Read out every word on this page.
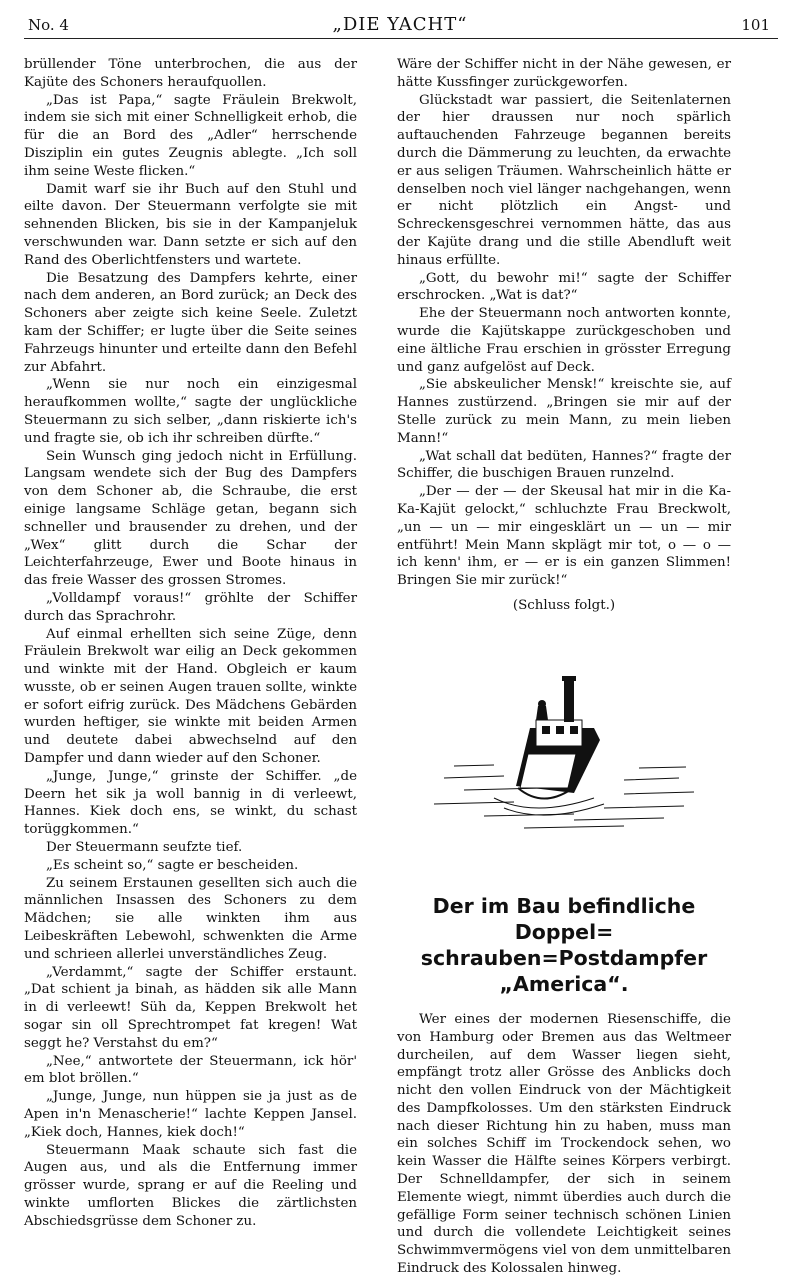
No. 4	„DIE YACHT“	101

brüllender Töne unterbrochen, die aus der Kajüte des Schoners heraufquollen.

„Das ist Papa,“ sagte Fräulein Brekwolt, indem sie sich mit einer Schnelligkeit erhob, die für die an Bord des „Adler“ herrschende Disziplin ein gutes Zeugnis ablegte. „Ich soll ihm seine Weste flicken.“

Damit warf sie ihr Buch auf den Stuhl und eilte davon. Der Steuermann verfolgte sie mit sehnenden Blicken, bis sie in der Kampanjeluk verschwunden war. Dann setzte er sich auf den Rand des Oberlichtfensters und wartete.

Die Besatzung des Dampfers kehrte, einer nach dem anderen, an Bord zurück; an Deck des Schoners aber zeigte sich keine Seele. Zuletzt kam der Schiffer; er lugte über die Seite seines Fahrzeugs hinunter und erteilte dann den Befehl zur Abfahrt.

„Wenn sie nur noch ein einzigesmal heraufkommen wollte,“ sagte der unglückliche Steuermann zu sich selber, „dann riskierte ich's und fragte sie, ob ich ihr schreiben dürfte.“

Sein Wunsch ging jedoch nicht in Erfüllung. Langsam wendete sich der Bug des Dampfers von dem Schoner ab, die Schraube, die erst einige langsame Schläge getan, begann sich schneller und brausender zu drehen, und der „Wex“ glitt durch die Schar der Leichterfahrzeuge, Ewer und Boote hinaus in das freie Wasser des grossen Stromes.

„Volldampf voraus!“ gröhlte der Schiffer durch das Sprachrohr.

Auf einmal erhellten sich seine Züge, denn Fräulein Brekwolt war eilig an Deck gekommen und winkte mit der Hand. Obgleich er kaum wusste, ob er seinen Augen trauen sollte, winkte er sofort eifrig zurück. Des Mädchens Gebärden wurden heftiger, sie winkte mit beiden Armen und deutete dabei abwechselnd auf den Dampfer und dann wieder auf den Schoner.

„Junge, Junge,“ grinste der Schiffer. „de Deern het sik ja woll bannig in di verleewt, Hannes. Kiek doch ens, se winkt, du schast torüggkommen.“

Der Steuermann seufzte tief.

„Es scheint so,“ sagte er bescheiden.

Zu seinem Erstaunen gesellten sich auch die männlichen Insassen des Schoners zu dem Mädchen; sie alle winkten ihm aus Leibeskräften Lebewohl, schwenkten die Arme und schrieen allerlei unverständliches Zeug.

„Verdammt,“ sagte der Schiffer erstaunt. „Dat schient ja binah, as hädden sik alle Mann in di verleewt! Süh da, Keppen Brekwolt het sogar sin oll Sprechtrompet fat kregen! Wat seggt he? Verstahst du em?“

„Nee,“ antwortete der Steuermann, ick hör' em blot bröllen.“

„Junge, Junge, nun hüppen sie ja just as de Apen in'n Menascherie!“ lachte Keppen Jansel. „Kiek doch, Hannes, kiek doch!“

Steuermann Maak schaute sich fast die Augen aus, und als die Entfernung immer grösser wurde, sprang er auf die Reeling und winkte umflorten Blickes die zärtlichsten Abschiedsgrüsse dem Schoner zu.

Wäre der Schiffer nicht in der Nähe gewesen, er hätte Kussfinger zurückgeworfen.

Glückstadt war passiert, die Seitenlaternen der hier draussen nur noch spärlich auftauchenden Fahrzeuge begannen bereits durch die Dämmerung zu leuchten, da erwachte er aus seligen Träumen. Wahrscheinlich hätte er denselben noch viel länger nachgehangen, wenn er nicht plötzlich ein Angst- und Schreckensgeschrei vernommen hätte, das aus der Kajüte drang und die stille Abendluft weit hinaus erfüllte.

„Gott, du bewohr mi!“ sagte der Schiffer erschrocken. „Wat is dat?“

Ehe der Steuermann noch antworten konnte, wurde die Kajütskappe zurückgeschoben und eine ältliche Frau erschien in grösster Erregung und ganz aufgelöst auf Deck.

„Sie abskeulicher Mensk!“ kreischte sie, auf Hannes zustürzend. „Bringen sie mir auf der Stelle zurück zu mein Mann, zu mein lieben Mann!“

„Wat schall dat bedüten, Hannes?“ fragte der Schiffer, die buschigen Brauen runzelnd.

„Der — der — der Skeusal hat mir in die Ka-Ka-Kajüt gelockt,“ schluchzte Frau Breckwolt, „un — un — mir eingesklärt un — un — mir entführt! Mein Mann skplägt mir tot, o — o — ich kenn' ihm, er — er is ein ganzen Slimmen! Bringen Sie mir zurück!“

(Schluss folgt.)

Der im Bau befindliche Doppel=
schrauben=Postdampfer „America“.

Wer eines der modernen Riesenschiffe, die von Hamburg oder Bremen aus das Weltmeer durcheilen, auf dem Wasser liegen sieht, empfängt trotz aller Grösse des Anblicks doch nicht den vollen Eindruck von der Mächtigkeit des Dampfkolosses. Um den stärksten Eindruck nach dieser Richtung hin zu haben, muss man ein solches Schiff im Trockendock sehen, wo kein Wasser die Hälfte seines Körpers verbirgt. Der Schnelldampfer, der sich in seinem Elemente wiegt, nimmt überdies auch durch die gefällige Form seiner technisch schönen Linien und durch die vollendete Leichtigkeit seines Schwimmvermögens viel von dem unmittelbaren Eindruck des Kolossalen hinweg.
